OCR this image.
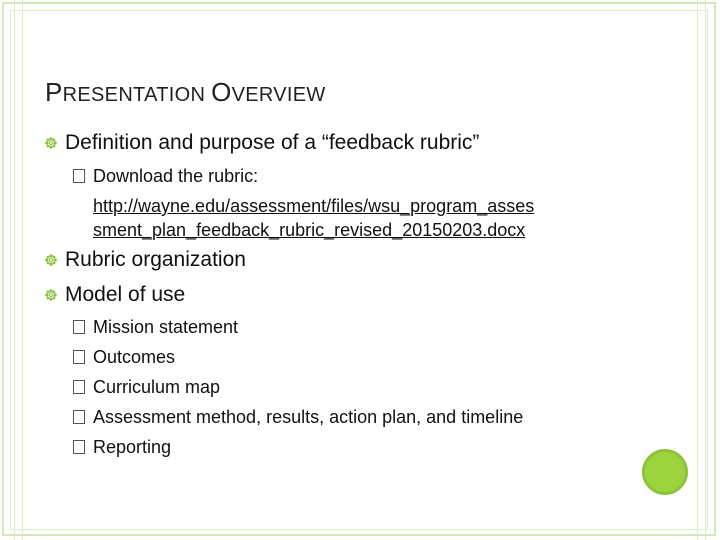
PRESENTATION OVERVIEW
Definition and purpose of a “feedback rubric”
Download the rubric:
http://wayne.edu/assessment/files/wsu_program_asses
sment_plan_feedback_rubric_revised_20150203.docx
Rubric organization
Model of use
Mission statement
Outcomes
Curriculum map
Assessment method, results, action plan, and timeline
Reporting
